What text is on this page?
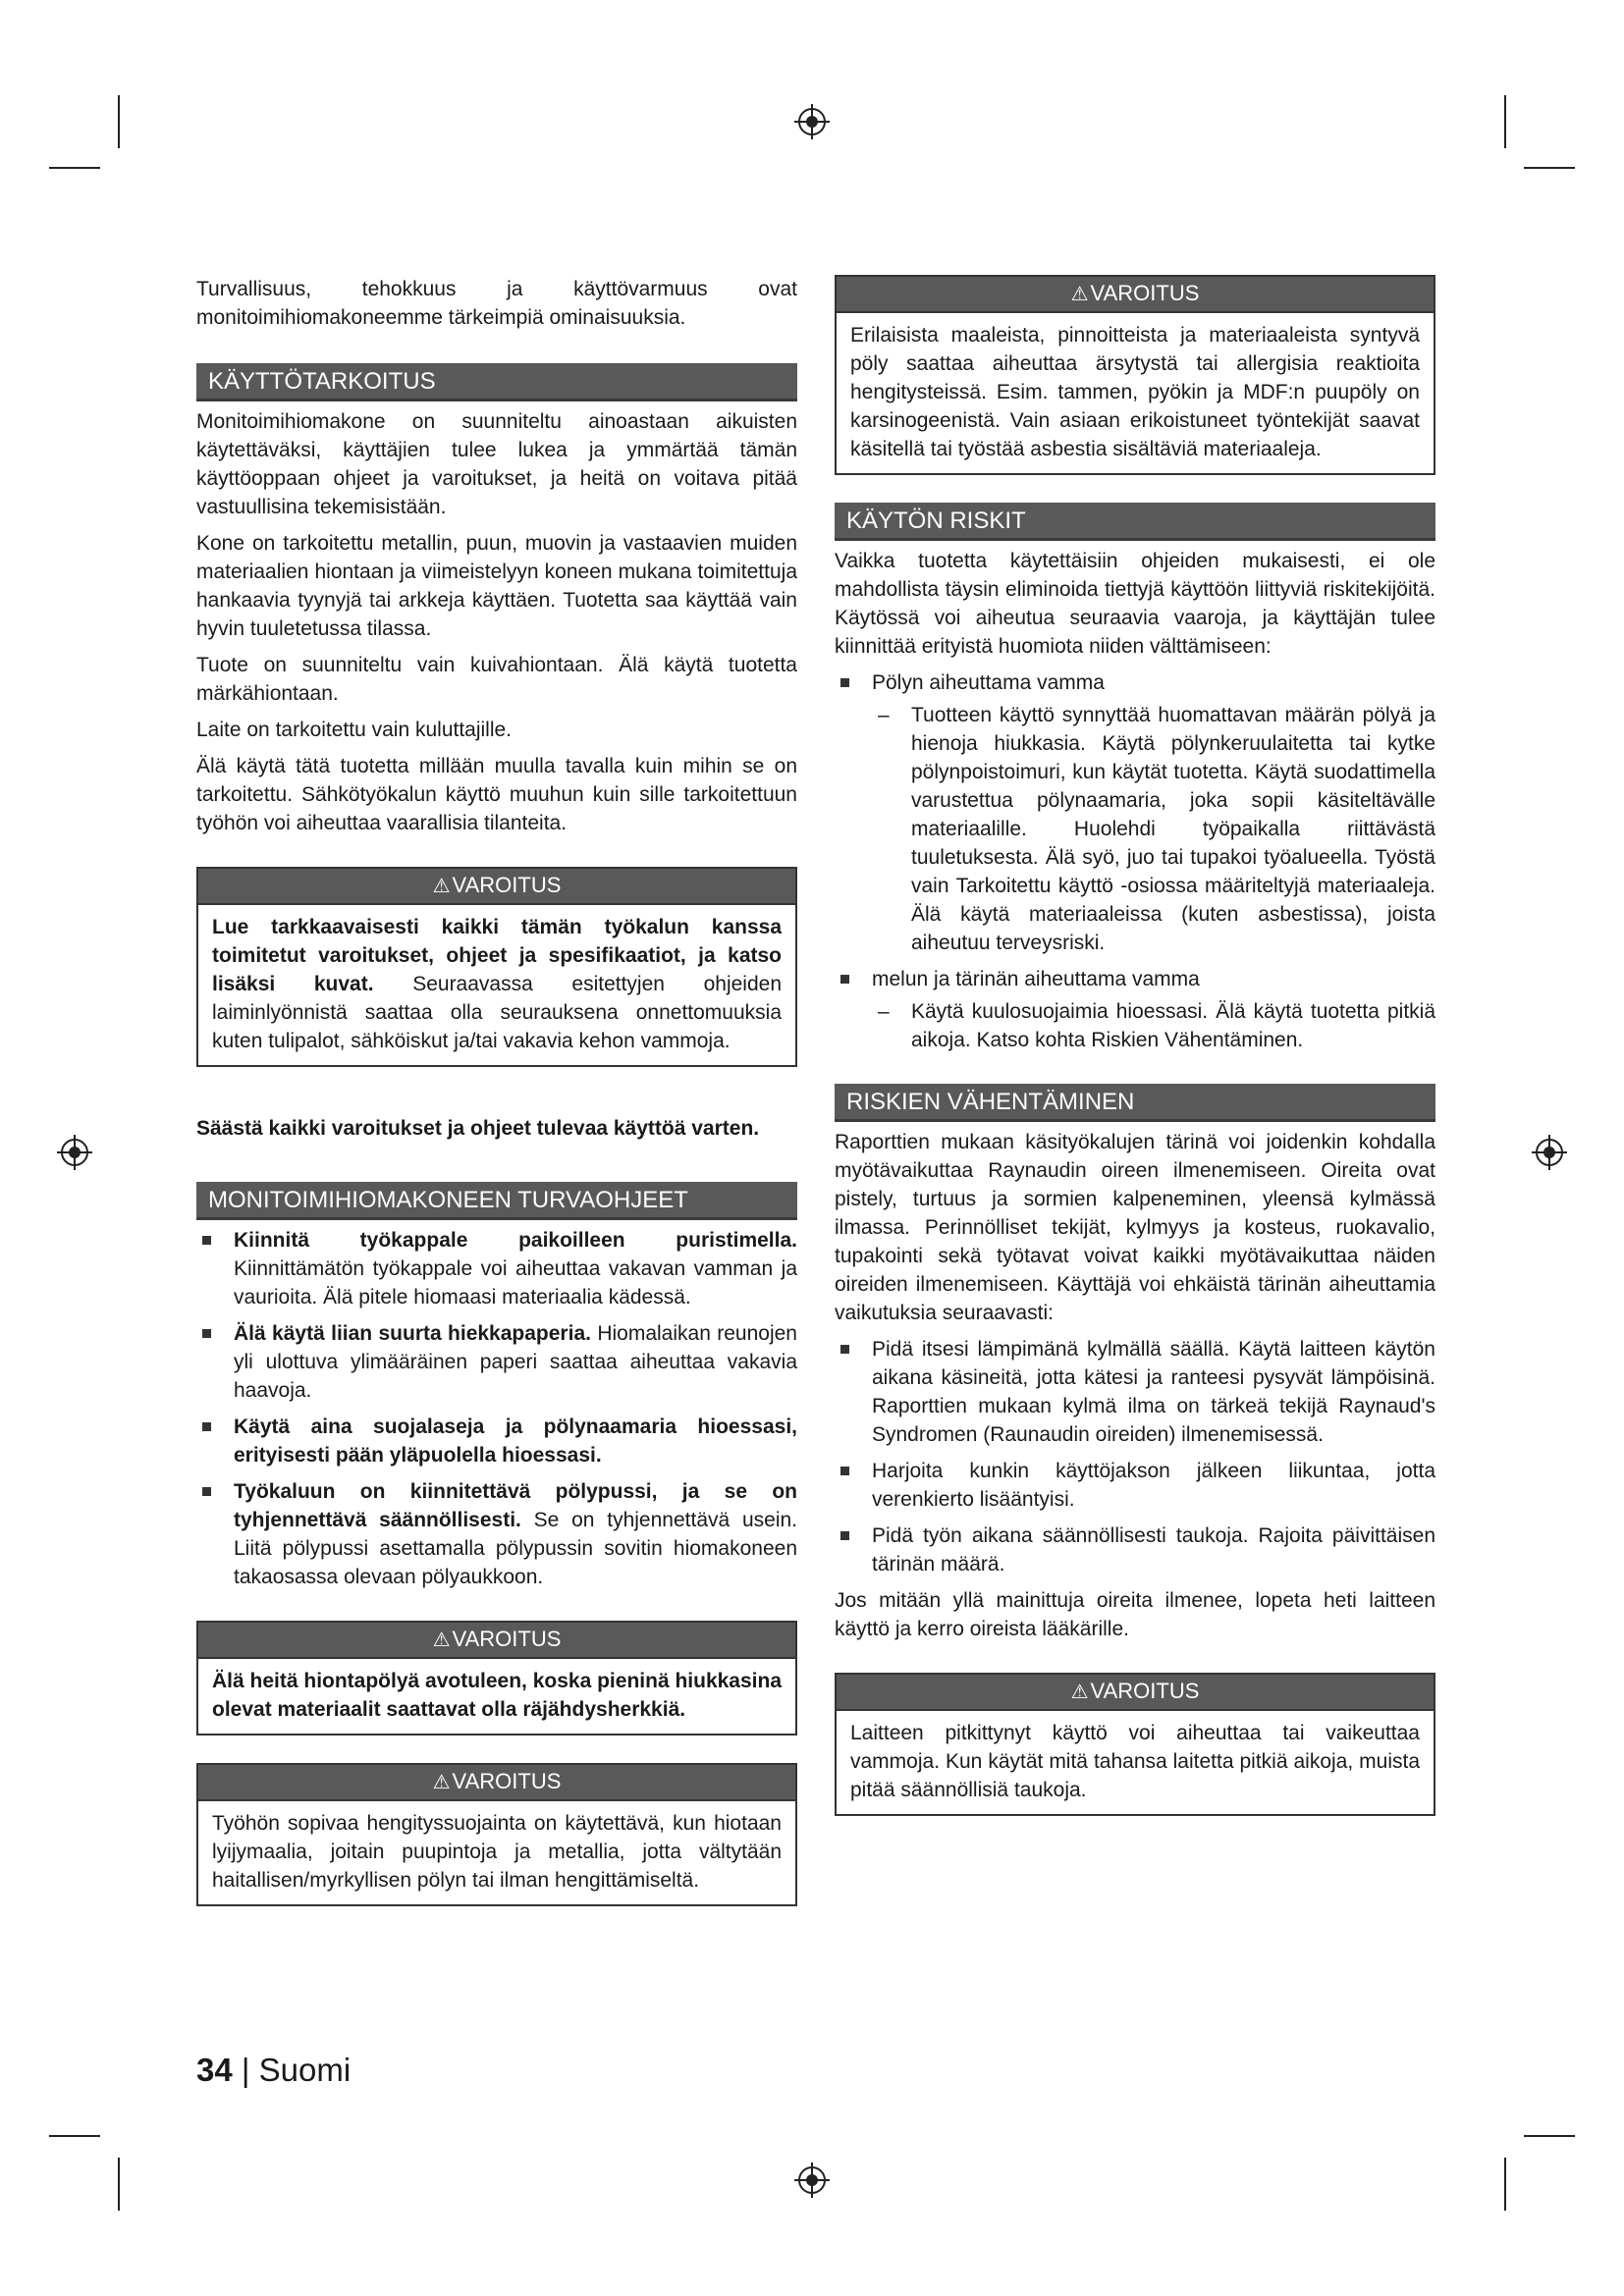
Turvallisuus, tehokkuus ja käyttövarmuus ovat monitoimihiomakoneemme tärkeimpiä ominaisuuksia.

KÄYTTÖTARKOITUS

Monitoimihiomakone on suunniteltu ainoastaan aikuisten käytettäväksi, käyttäjien tulee lukea ja ymmärtää tämän käyttöoppaan ohjeet ja varoitukset, ja heitä on voitava pitää vastuullisina tekemisistään.

Kone on tarkoitettu metallin, puun, muovin ja vastaavien muiden materiaalien hiontaan ja viimeistelyyn koneen mukana toimitettuja hankaavia tyynyjä tai arkkeja käyttäen. Tuotetta saa käyttää vain hyvin tuuletetussa tilassa.

Tuote on suunniteltu vain kuivahiontaan. Älä käytä tuotetta märkähiontaan.

Laite on tarkoitettu vain kuluttajille.

Älä käytä tätä tuotetta millään muulla tavalla kuin mihin se on tarkoitettu. Sähkötyökalun käyttö muuhun kuin sille tarkoitettuun työhön voi aiheuttaa vaarallisia tilanteita.

⚠VAROITUS
Lue tarkkaavaisesti kaikki tämän työkalun kanssa toimitetut varoitukset, ohjeet ja spesifikaatiot, ja katso lisäksi kuvat. Seuraavassa esitettyjen ohjeiden laiminlyönnistä saattaa olla seurauksena onnettomuuksia kuten tulipalot, sähköiskut ja/tai vakavia kehon vammoja.

Säästä kaikki varoitukset ja ohjeet tulevaa käyttöä varten.

MONITOIMIHIOMAKONEEN TURVAOHJEET
Kiinnitä työkappale paikoilleen puristimella. Kiinnittämätön työkappale voi aiheuttaa vakavan vamman ja vaurioita. Älä pitele hiomaasi materiaalia kädessä.
Älä käytä liian suurta hiekkapaperia. Hiomalaikan reunojen yli ulottuva ylimääräinen paperi saattaa aiheuttaa vakavia haavoja.
Käytä aina suojalaseja ja pölynaamaria hioessasi, erityisesti pään yläpuolella hioessasi.
Työkaluun on kiinnitettävä pölypussi, ja se on tyhjennettävä säännöllisesti. Se on tyhjennettävä usein. Liitä pölypussi asettamalla pölypussin sovitin hiomakoneen takaosassa olevaan pölyaukkoon.
⚠VAROITUS
Älä heitä hiontapölyä avotuleen, koska pieninä hiukkasina olevat materiaalit saattavat olla räjähdysherkkiä.
⚠VAROITUS
Työhön sopivaa hengityssuojainta on käytettävä, kun hiotaan lyijymaalia, joitain puupintoja ja metallia, jotta vältytään haitallisen/myrkyllisen pölyn tai ilman hengittämiseltä.
⚠VAROITUS
Erilaisista maaleista, pinnoitteista ja materiaaleista syntyvä pöly saattaa aiheuttaa ärsytystä tai allergisia reaktioita hengitysteissä. Esim. tammen, pyökin ja MDF:n puupöly on karsinogeenistä. Vain asiaan erikoistuneet työntekijät saavat käsitellä tai työstää asbestia sisältäviä materiaaleja.
KÄYTÖN RISKIT

Vaikka tuotetta käytettäisiin ohjeiden mukaisesti, ei ole mahdollista täysin eliminoida tiettyjä käyttöön liittyviä riskitekijöitä. Käytössä voi aiheutua seuraavia vaaroja, ja käyttäjän tulee kiinnittää erityistä huomiota niiden välttämiseen:

Pölyn aiheuttama vamma
– Tuotteen käyttö synnyttää huomattavan määrän pölyä ja hienoja hiukkasia. Käytä pölynkeruulaitetta tai kytke pölynpoistoimuri, kun käytät tuotetta. Käytä suodattimella varustettua pölynaamaria, joka sopii käsiteltävälle materiaalille. Huolehdi työpaikalla riittävästä tuuletuksesta. Älä syö, juo tai tupakoi työalueella. Työstä vain Tarkoitettu käyttö -osiossa määriteltyjä materiaaleja. Älä käytä materiaaleissa (kuten asbestissa), joista aiheutuu terveysriski.
melun ja tärinän aiheuttama vamma
– Käytä kuulosuojaimia hioessasi. Älä käytä tuotetta pitkiä aikoja. Katso kohta Riskien Vähentäminen.
RISKIEN VÄHENTÄMINEN

Raporttien mukaan käsityökalujen tärinä voi joidenkin kohdalla myötävaikuttaa Raynaudin oireen ilmenemiseen. Oireita ovat pistely, turtuus ja sormien kalpeneminen, yleensä kylmässä ilmassa. Perinnölliset tekijät, kylmyys ja kosteus, ruokavalio, tupakointi sekä työtavat voivat kaikki myötävaikuttaa näiden oireiden ilmenemiseen. Käyttäjä voi ehkäistä tärinän aiheuttamia vaikutuksia seuraavasti:

Pidä itsesi lämpimänä kylmällä säällä. Käytä laitteen käytön aikana käsineitä, jotta kätesi ja ranteesi pysyvät lämpöisinä. Raporttien mukaan kylmä ilma on tärkeä tekijä Raynaud's Syndromen (Raunaudin oireiden) ilmenemisessä.
Harjoita kunkin käyttöjakson jälkeen liikuntaa, jotta verenkierto lisääntyisi.
Pidä työn aikana säännöllisesti taukoja. Rajoita päivittäisen tärinän määrä.

Jos mitään yllä mainittuja oireita ilmenee, lopeta heti laitteen käyttö ja kerro oireista lääkärille.

⚠VAROITUS
Laitteen pitkittynyt käyttö voi aiheuttaa tai vaikeuttaa vammoja. Kun käytät mitä tahansa laitetta pitkiä aikoja, muista pitää säännöllisiä taukoja.
34 | Suomi
